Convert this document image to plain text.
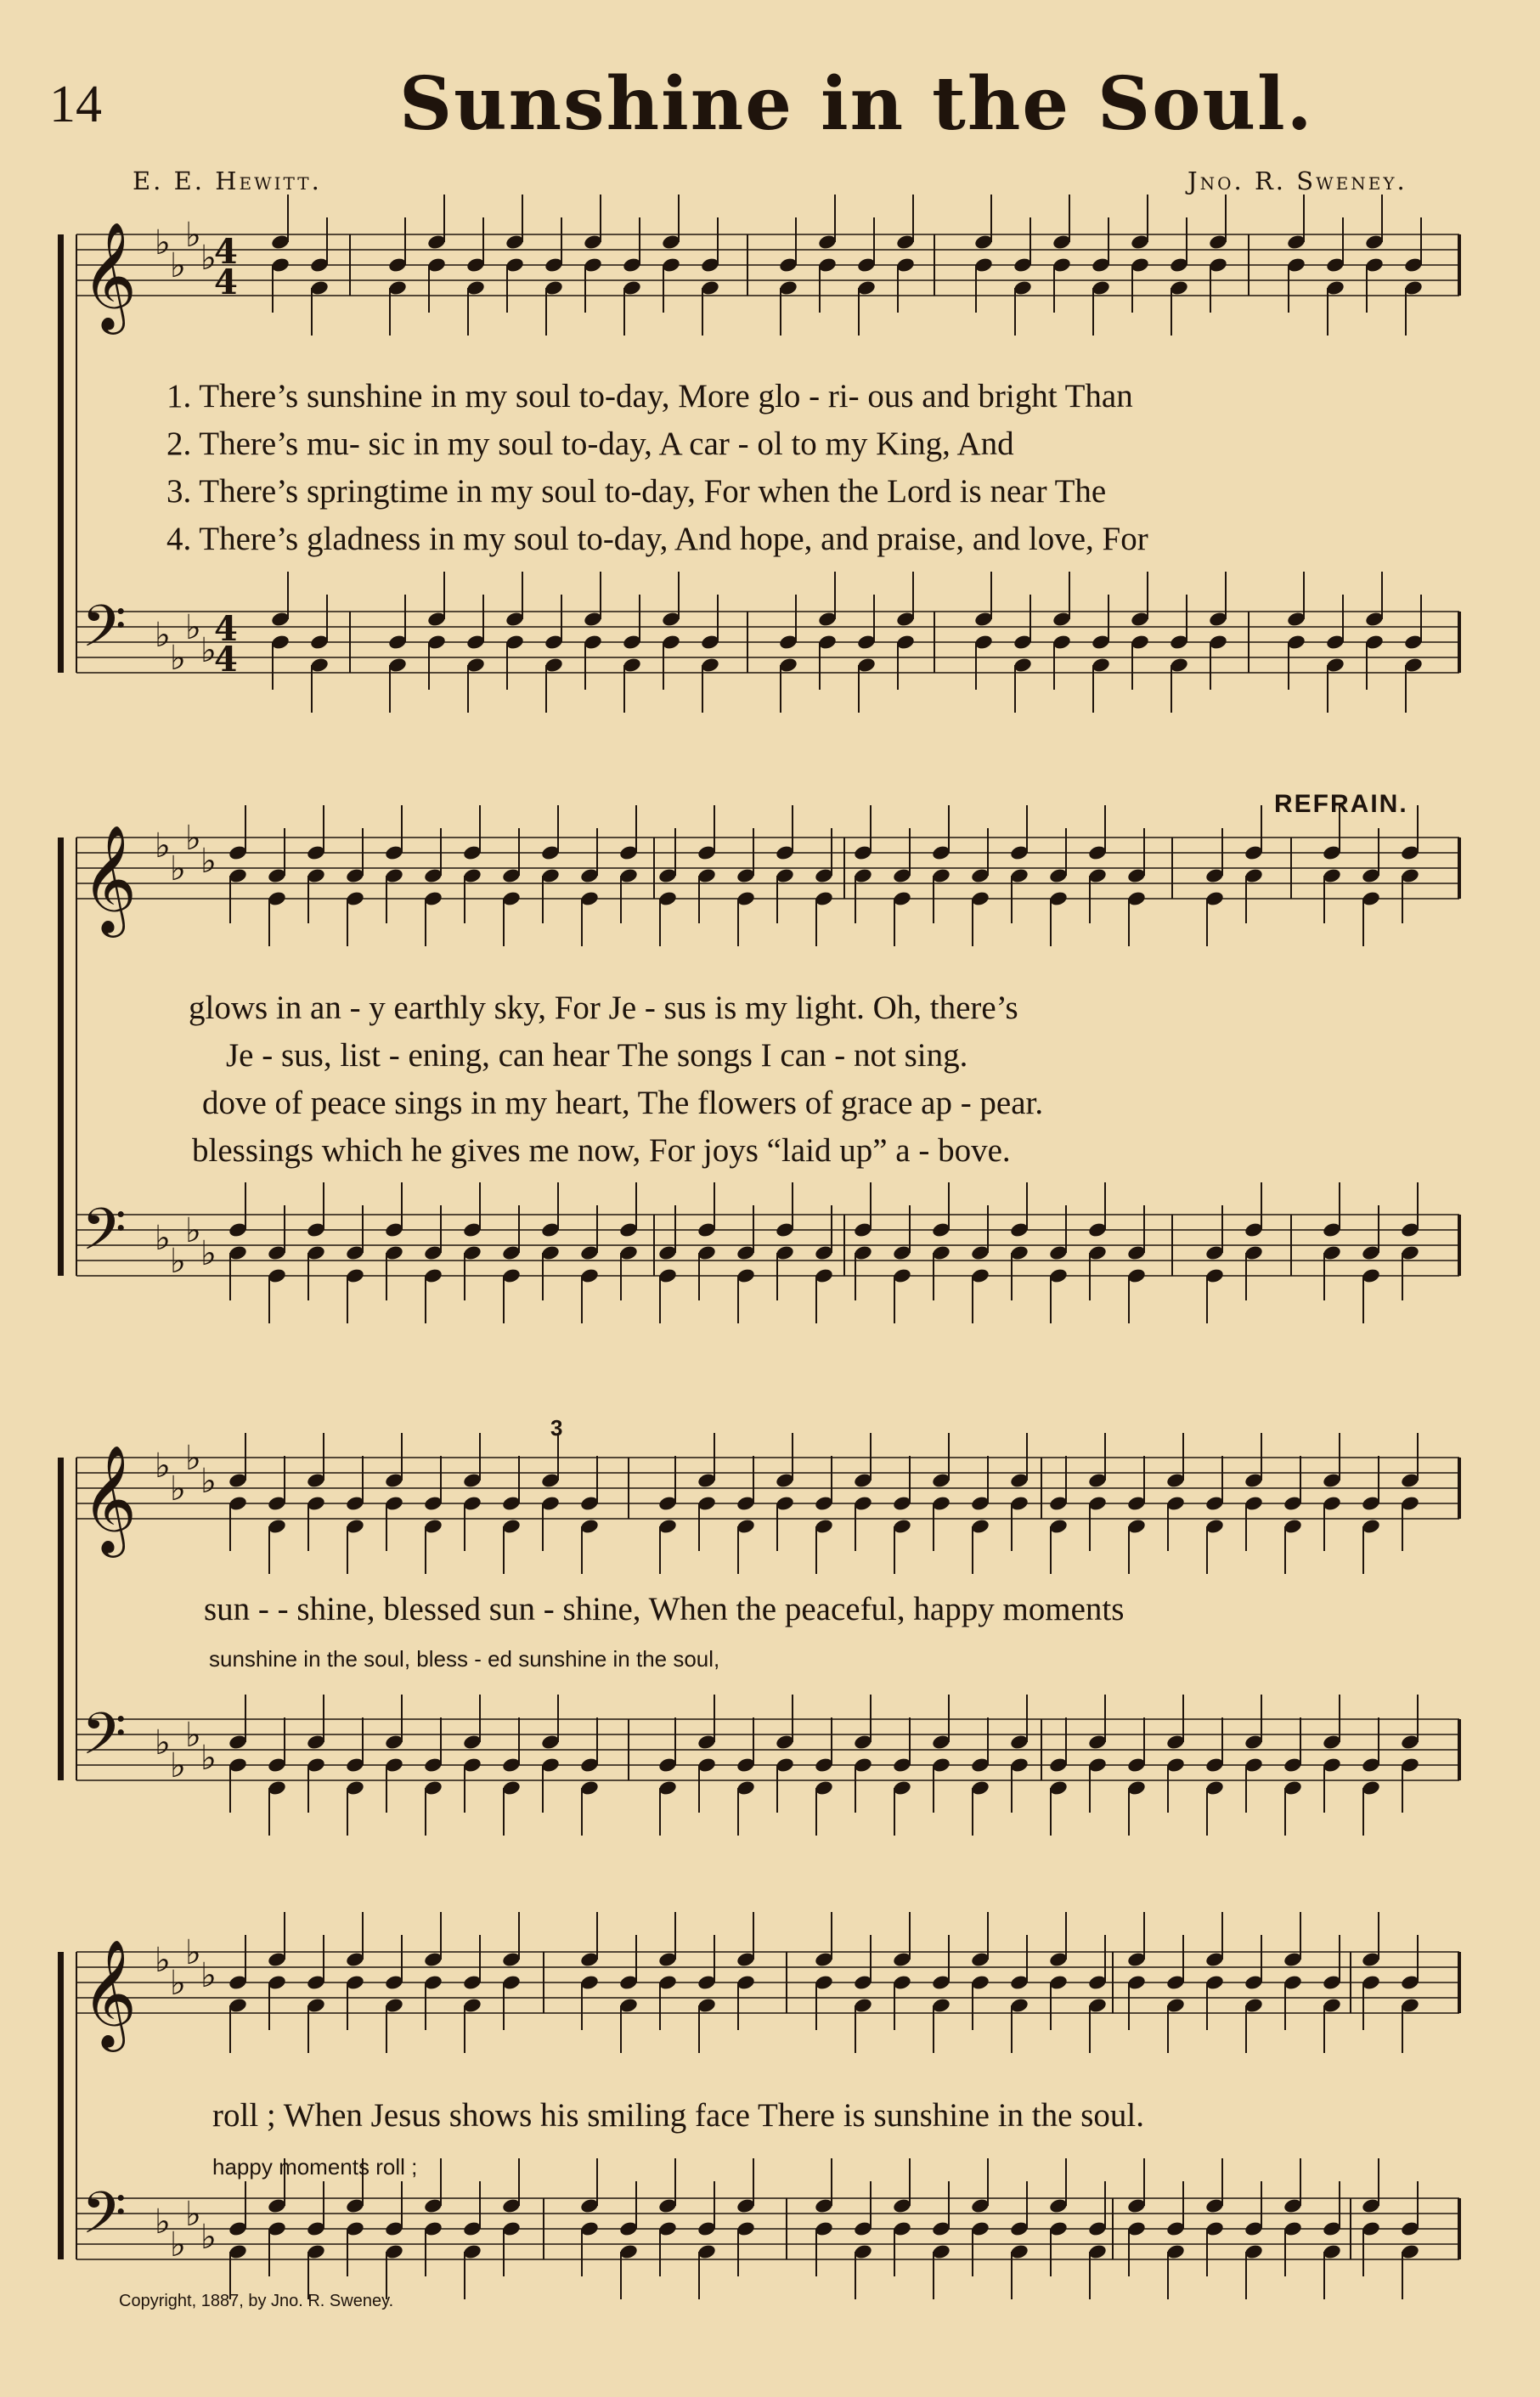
14	Sunshine in the Soul.
E. E. Hewitt.	Jno. R. Sweney.
𝄞 ♭
♭
♭
♭
𝄢 ♭
♭
♭
♭
4
4
4
4
𝄞 ♭
♭
♭
♭
𝄢 ♭
♭
♭
♭
𝄞 ♭
♭
♭
♭
𝄢 ♭
♭
♭
♭
𝄞 ♭
♭
♭
♭
𝄢 ♭
♭
♭
♭
1. There’s sunshine in my soul to-day, More glo - ri- ous and bright Than
2. There’s mu- sic in my soul to-day, A car - ol to my King, And
3. There’s springtime in my soul to-day, For when the Lord is near The
4. There’s gladness in my soul to-day, And hope, and praise, and love, For
REFRAIN.
glows in an - y earthly sky, For Je - sus is my light. Oh, there’s
Je - sus, list - ening, can hear The songs I can - not sing.
dove of peace sings in my heart, The flowers of grace ap - pear.
blessings which he gives me now, For joys “laid up” a - bove.
sun - - shine, blessed sun - shine, When the peaceful, happy moments
sunshine in the soul, bless - ed sunshine in the soul,
3
roll ; When Jesus shows his smiling face There is sunshine in the soul.
happy moments roll ;
Copyright, 1887, by Jno. R. Sweney.
